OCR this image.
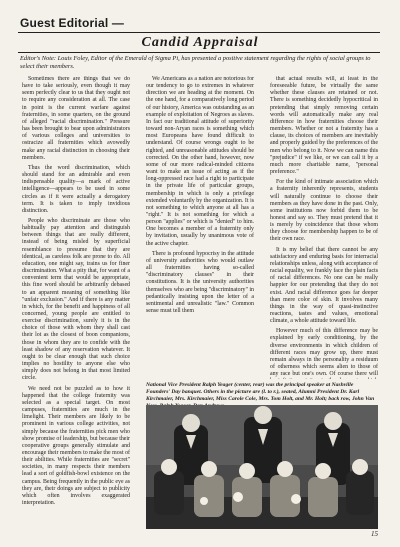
Guest Editorial —
Candid Appraisal
Editor's Note: Louis Foley, Editor of the Emerald of Sigma Pi, has presented a positive statement regarding the rights of social groups to select their members.

Sometimes there are things that we do have to take seriously, even though it may seem perfectly clear to us that they ought not to require any consideration at all. The case in point is the current warfare against fraternities, in some quarters, on the ground of alleged "racial discrimination." Pressure has been brought to bear upon administrators of various colleges and universities to ostracize all fraternities which avowedly make any racial distinction in choosing their members.

Thus the word discrimination, which should stand for an admirable and even indispensable quality—a mark of active intelligence—appears to be used in some circles as if it were actually a derogatory term. It is taken to imply invidious distinction.

People who discriminate are those who habitually pay attention and distinguish between things that are really different, instead of being misled by superficial resemblance to presume that they are identical, as careless folk are prone to do. All education, one might say, trains us for finer discrimination. What a pity that, for want of a convenient term that would be appropriate, this fine word should be arbitrarily debased to an apparent meaning of something like "unfair exclusion." And if there is any matter in which, for the benefit and happiness of all concerned, young people are entitled to exercise discrimination, surely it is in the choice of those with whom they shall cast their lot as the closest of boon companions, those in whom they are to confide with the least shadow of any reservation whatever. It ought to be clear enough that such choice implies no hostility to anyone else who simply does not belong in that most limited circle.

We need not be puzzled as to how it happened that the college fraternity was selected as a special target. On most campuses, fraternities are much in the limelight. Their members are likely to be prominent in various college activities, not simply because the fraternities pick men who show promise of leadership, but because their cooperative groups generally stimulate and encourage their members to make the most of their abilities. While fraternities are "secret" societies, in many respects their members lead a sort of goldfish-bowl existence on the campus. Being frequently in the public eye as they are, their doings are subject to publicity which often involves exaggerated interpretation.

We Americans as a nation are notorious for our tendency to go to extremes in whatever direction we are heading at the moment. On the one hand, for a comparatively long period of our history, America was outstanding as an example of exploitation of Negroes as slaves. In fact our traditional attitude of superiority toward non-Aryan races is something which most Europeans have found difficult to understand. Of course wrongs ought to be righted, and unreasonable attitudes should be corrected. On the other hand, however, now some of our more radical-minded citizens want to make an issue of acting as if the long-oppressed race had a right to participate in the private life of particular groups, membership in which is only a privilege extended voluntarily by the organization. It is not something to which anyone at all has a "right." It is not something for which a person "applies" or which is "denied" to him. One becomes a member of a fraternity only by invitation, usually by unanimous vote of the active chapter.

There is profound hypocrisy in the attitude of university authorities who would outlaw all fraternities having so-called "discriminatory clauses" in their constitutions. It is the university authorities themselves who are being "discriminatory" in pedantically insisting upon the letter of a sentimental and unrealistic "law." Common sense must tell them

that actual results will, at least in the foreseeable future, be virtually the same whether these clauses are retained or not. There is something decidedly hypocritical in pretending that simply removing certain words will automatically make any real difference in how fraternities choose their members. Whether or not a fraternity has a clause, its choices of members are inevitably and properly guided by the preferences of the men who belong to it. Now we can name this "prejudice" if we like, or we can call it by a much more charitable name, "personal preference."

For the kind of intimate association which a fraternity inherently represents, students will naturally continue to choose their members as they have done in the past. Only, some institutions now forbid them to be honest and say so. They must pretend that it is merely by coincidence that those whom they choose for membership happen to be of their own race.

It is my belief that there cannot be any satisfactory and enduring basis for interracial relationships unless, along with acceptance of racial equality, we frankly face the plain facts of racial differences. No one can be really happier for our pretending that they do not exist. And racial difference goes far deeper than mere color of skin. It involves many things in the way of quasi-instinctive reactions, tastes and values, emotional climate, a whole attitude toward life.

However much of this difference may be explained by early conditioning, by the diverse environments in which children of different races may grow up, there must remain always in the personality a residuum of otherness which seems alien to those of any race but one's own. Of course there will

National Vice President Ralph Yeager (center, rear) was the principal speaker at Nashville Founders' Day banquet. Others in the picture are (l. to r.), seated, Alumni President Dr. Karl Kirchmaier, Mrs. Kirchmaier, Miss Carole Cole, Mrs. Tom Holt, and Mr. Holt; back row, John Van
15
